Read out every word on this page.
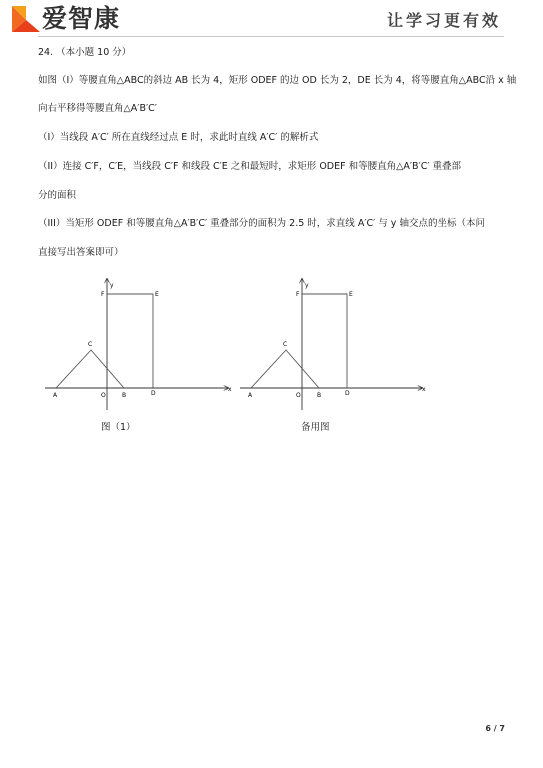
爱智康	让学习更有效
24. （本小题 10 分）
如图（I）等腰直角△ABC的斜边 AB 长为 4，矩形 ODEF 的边 OD 长为 2，DE 长为 4，将等腰直角△ABC沿 x 轴
向右平移得等腰直角△A′B′C′
（I）当线段 A′C′ 所在直线经过点 E 时，求此时直线 A′C′ 的解析式
（II）连接 C′F，C′E，当线段 C′F 和线段 C′E 之和最短时，求矩形 ODEF 和等腰直角△A′B′C′ 重叠部
分的面积
（III）当矩形 ODEF 和等腰直角△A′B′C′ 重叠部分的面积为 2.5 时，求直线 A′C′ 与 y 轴交点的坐标（本问
直接写出答案即可）
x
y
A	O	B	D
C
F	E
x
y
A	O	B	D
C
F	E
图（1）	备用图
6 / 7
